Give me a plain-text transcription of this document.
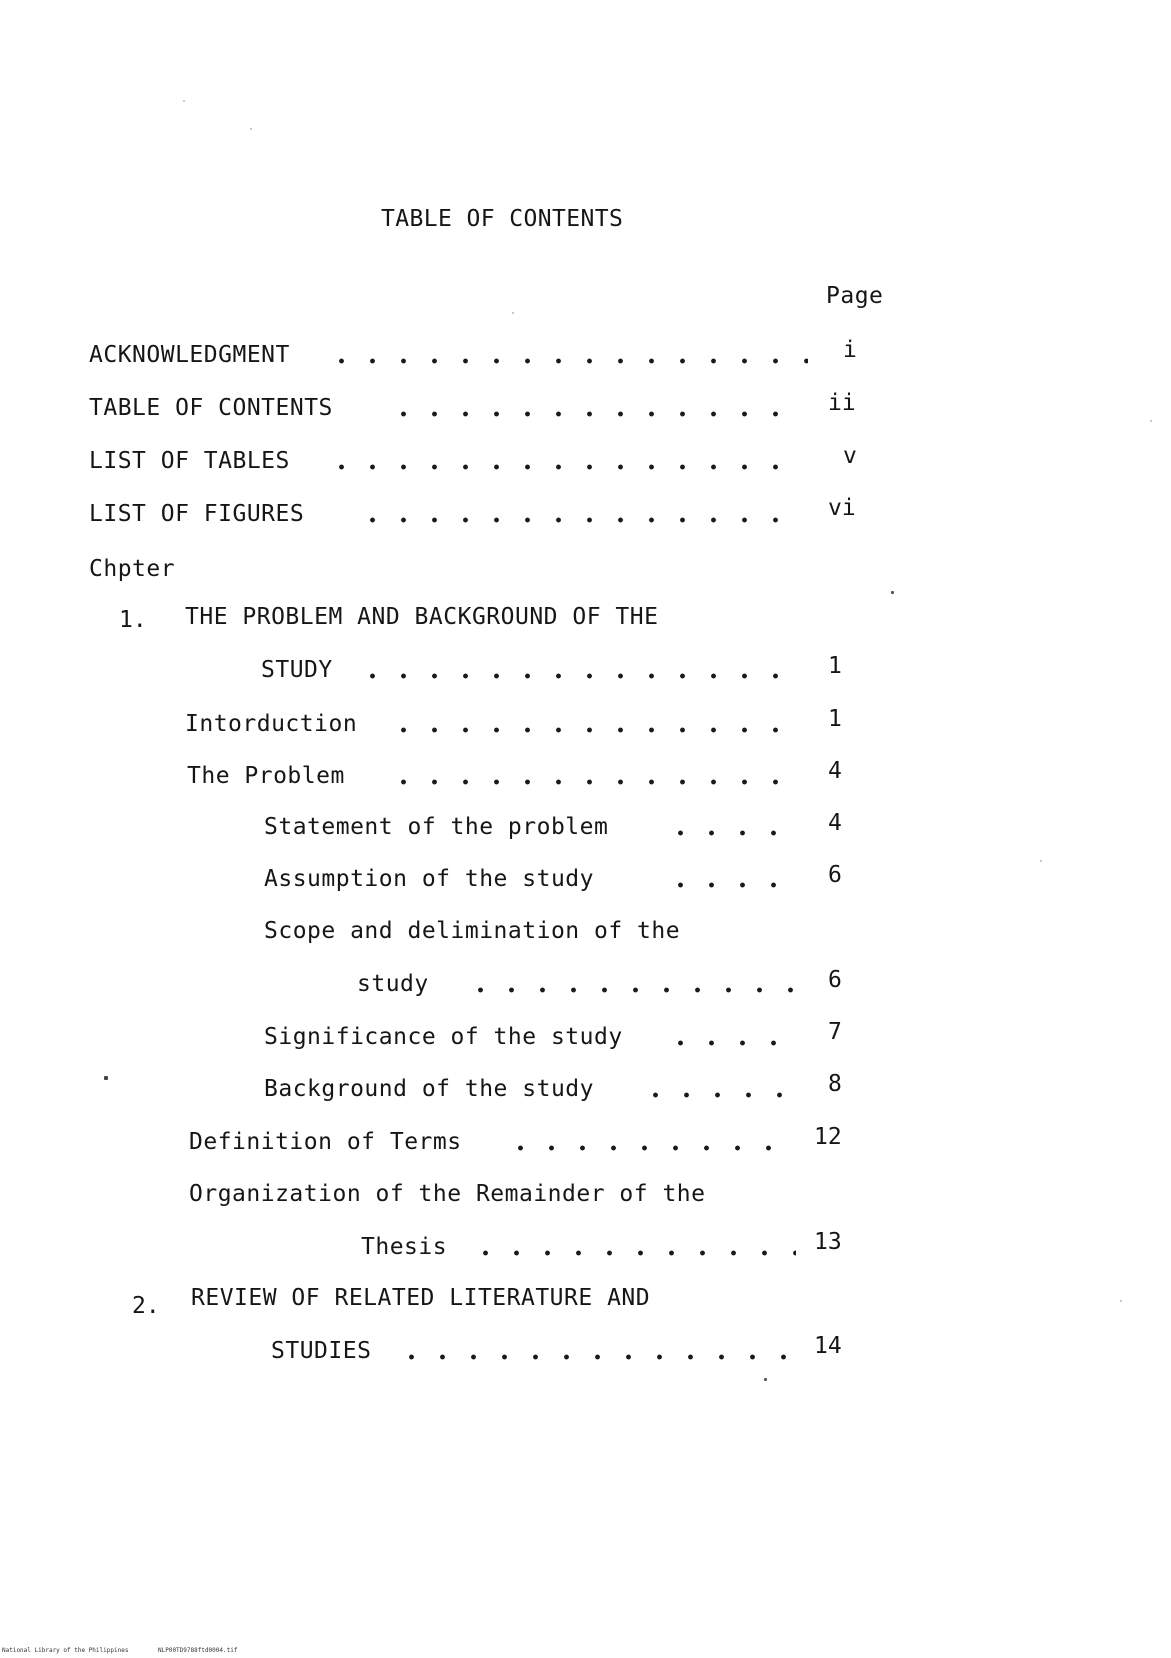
TABLE OF CONTENTS
Page
ACKNOWLEDGMENT	i
TABLE OF CONTENTS	ii
LIST OF TABLES	v
LIST OF FIGURES	vi
Chpter
1. THE PROBLEM AND BACKGROUND OF THE
STUDY	1
Intorduction	1
The Problem	4
Statement of the problem	4
Assumption of the study	6
Scope and delimination of the
study	6
Significance of the study	7
Background of the study	8
Definition of Terms	12
Organization of the Remainder of the
Thesis	13
2. REVIEW OF RELATED LITERATURE AND
STUDIES	14
National Library of the Philippines	NLP00TD9788ftd0004.tif
